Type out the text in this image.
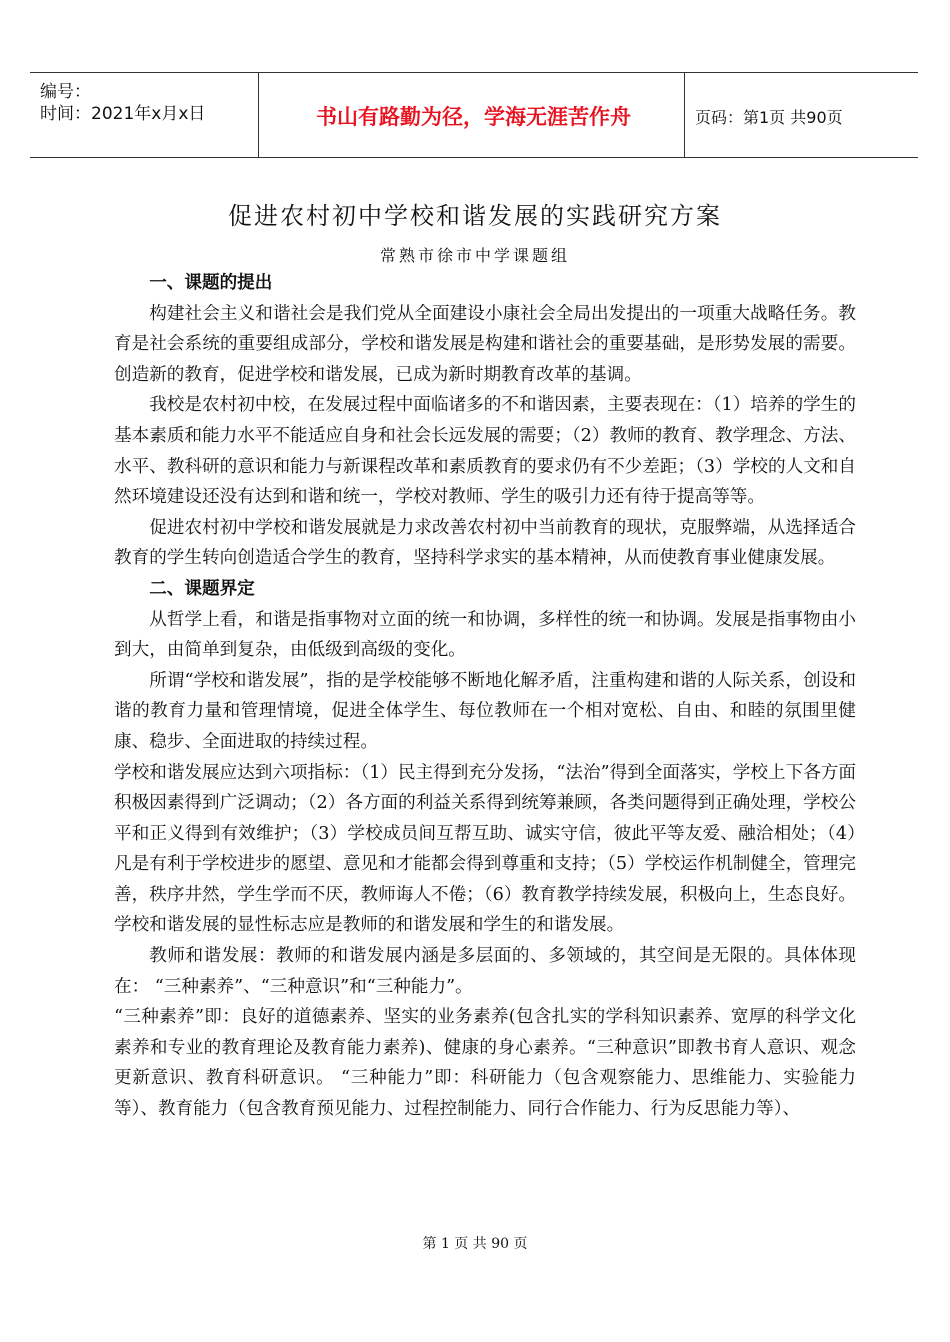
编号：
时间：2021年x月x日	书山有路勤为径，学海无涯苦作舟	页码：第1页 共90页
促进农村初中学校和谐发展的实践研究方案
常熟市徐市中学课题组
一、课题的提出

构建社会主义和谐社会是我们党从全面建设小康社会全局出发提出的一项重大战略任务。教育是社会系统的重要组成部分，学校和谐发展是构建和谐社会的重要基础，是形势发展的需要。创造新的教育，促进学校和谐发展，已成为新时期教育改革的基调。

我校是农村初中校，在发展过程中面临诸多的不和谐因素，主要表现在：（1）培养的学生的基本素质和能力水平不能适应自身和社会长远发展的需要；（2）教师的教育、教学理念、方法、水平、教科研的意识和能力与新课程改革和素质教育的要求仍有不少差距；（3）学校的人文和自然环境建设还没有达到和谐和统一，学校对教师、学生的吸引力还有待于提高等等。

促进农村初中学校和谐发展就是力求改善农村初中当前教育的现状，克服弊端，从选择适合教育的学生转向创造适合学生的教育，坚持科学求实的基本精神，从而使教育事业健康发展。

二、课题界定

从哲学上看，和谐是指事物对立面的统一和协调，多样性的统一和协调。发展是指事物由小到大，由简单到复杂，由低级到高级的变化。

所谓“学校和谐发展”，指的是学校能够不断地化解矛盾，注重构建和谐的人际关系，创设和谐的教育力量和管理情境，促进全体学生、每位教师在一个相对宽松、自由、和睦的氛围里健康、稳步、全面进取的持续过程。

学校和谐发展应达到六项指标：（1）民主得到充分发扬，“法治”得到全面落实，学校上下各方面积极因素得到广泛调动；（2）各方面的利益关系得到统筹兼顾，各类问题得到正确处理，学校公平和正义得到有效维护；（3）学校成员间互帮互助、诚实守信，彼此平等友爱、融洽相处；（4）凡是有利于学校进步的愿望、意见和才能都会得到尊重和支持；（5）学校运作机制健全，管理完善，秩序井然，学生学而不厌，教师诲人不倦；（6）教育教学持续发展，积极向上，生态良好。学校和谐发展的显性标志应是教师的和谐发展和学生的和谐发展。

教师和谐发展：教师的和谐发展内涵是多层面的、多领域的，其空间是无限的。具体体现在： “三种素养”、“三种意识”和“三种能力”。

“三种素养”即：良好的道德素养、坚实的业务素养(包含扎实的学科知识素养、宽厚的科学文化素养和专业的教育理论及教育能力素养)、健康的身心素养。“三种意识”即教书育人意识、观念更新意识、教育科研意识。 “三种能力”即：科研能力（包含观察能力、思维能力、实验能力等）、教育能力（包含教育预见能力、过程控制能力、同行合作能力、行为反思能力等）、

第 1 页 共 90 页
